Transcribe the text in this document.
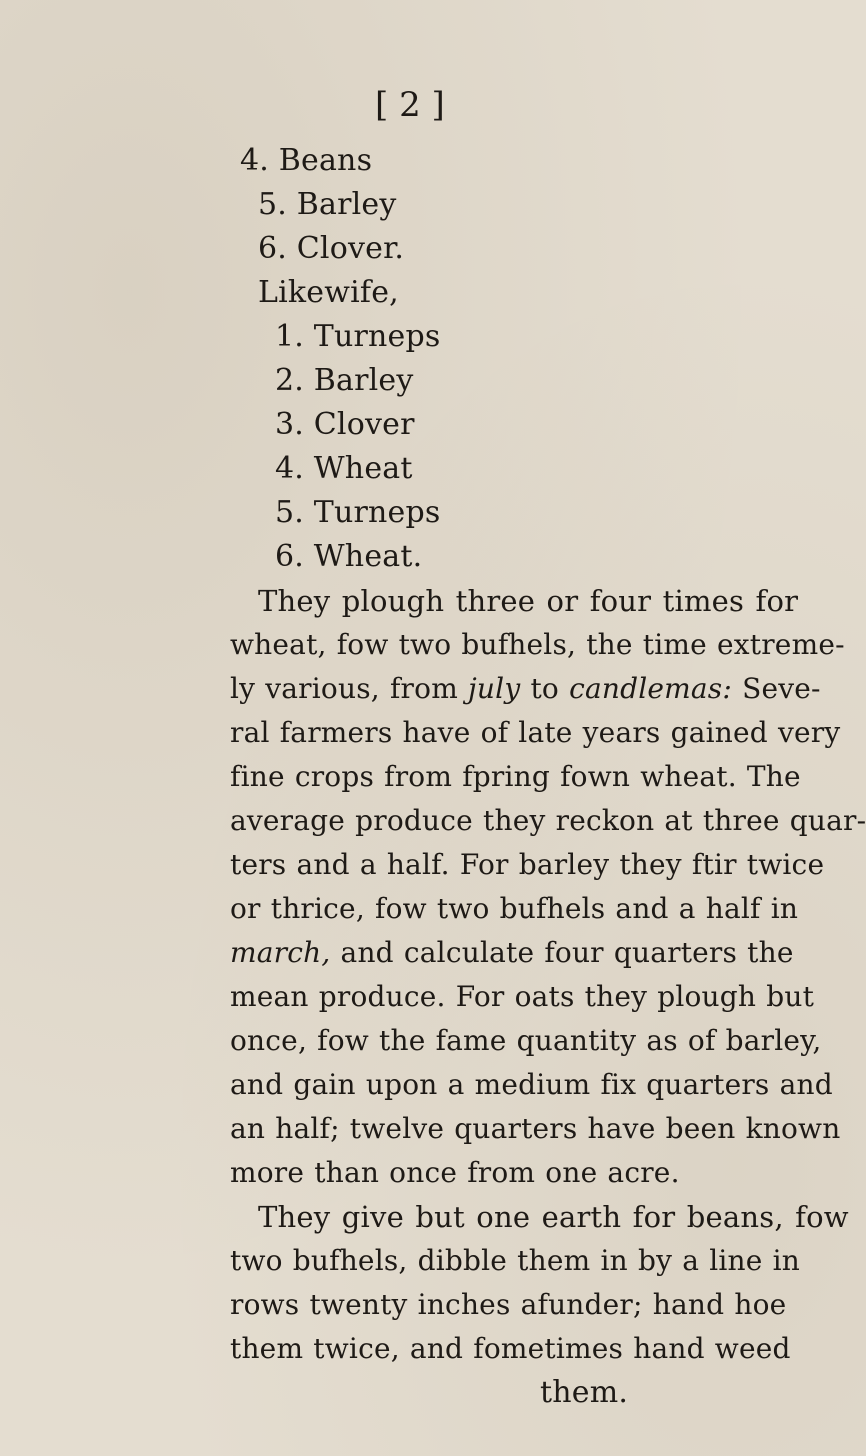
[ 2 ]
4. Beans
5. Barley
6. Clover.
Likewife,
1. Turneps
2. Barley
3. Clover
4. Wheat
5. Turneps
6. Wheat.
They plough three or four times for
wheat, fow two bufhels, the time extreme-
ly various, from july to candlemas: Seve-
ral farmers have of late years gained very
fine crops from fpring fown wheat. The
average produce they reckon at three quar-
ters and a half. For barley they ftir twice
or thrice, fow two bufhels and a half in
march, and calculate four quarters the
mean produce. For oats they plough but
once, fow the fame quantity as of barley,
and gain upon a medium fix quarters and
an half; twelve quarters have been known
more than once from one acre.
They give but one earth for beans, fow
two bufhels, dibble them in by a line in
rows twenty inches afunder; hand hoe
them twice, and fometimes hand weed
them.
